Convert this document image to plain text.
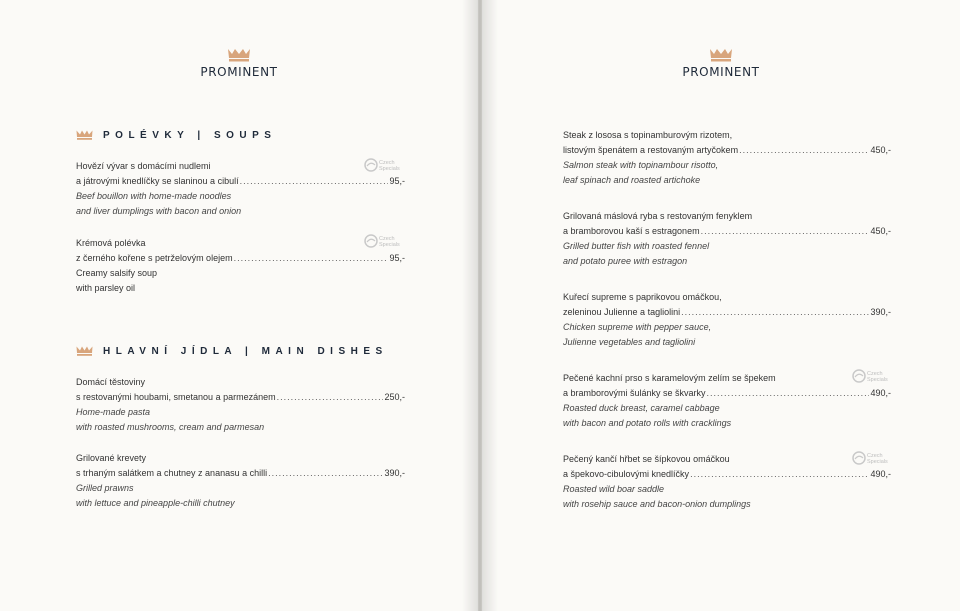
PROMINENT
POLÉVKY | SOUPS
Hovězí vývar s domácími nudlemi
a játrovými knedlíčky se slaninou a cibulí .....	95,-
Beef bouillon with home-made noodles
and liver dumplings with bacon and onion
Czech
Specials
Krémová polévka
z černého kořene s petrželovým olejem .....	95,-
Creamy salsify soup
with parsley oil
Czech
Specials
HLAVNÍ JÍDLA | MAIN DISHES
Domácí těstoviny
s restovanými houbami, smetanou a parmezánem .....	250,-
Home-made pasta
with roasted mushrooms, cream and parmesan
Grilované krevety
s trhaným salátkem a chutney z ananasu a chilli .....	390,-
Grilled prawns
with lettuce and pineapple-chilli chutney
PROMINENT
Steak z lososa s topinamburovým rizotem,
listovým špenátem a restovaným artyčokem .....	450,-
Salmon steak with topinambour risotto,
leaf spinach and roasted artichoke
Grilovaná máslová ryba s restovaným fenyklem
a bramborovou kaší s estragonem .....	450,-
Grilled butter fish with roasted fennel
and potato puree with estragon
Kuřecí supreme s paprikovou omáčkou,
zeleninou Julienne a tagliolini .....	390,-
Chicken supreme with pepper sauce,
Julienne vegetables and tagliolini
Pečené kachní prso s karamelovým zelím se špekem
a bramborovými šulánky se škvarky .....	490,-
Roasted duck breast, caramel cabbage
with bacon and potato rolls with cracklings
Czech
Specials
Pečený kančí hřbet se šípkovou omáčkou
a špekovo-cibulovými knedlíčky .....	490,-
Roasted wild boar saddle
with rosehip sauce and bacon-onion dumplings
Czech
Specials
